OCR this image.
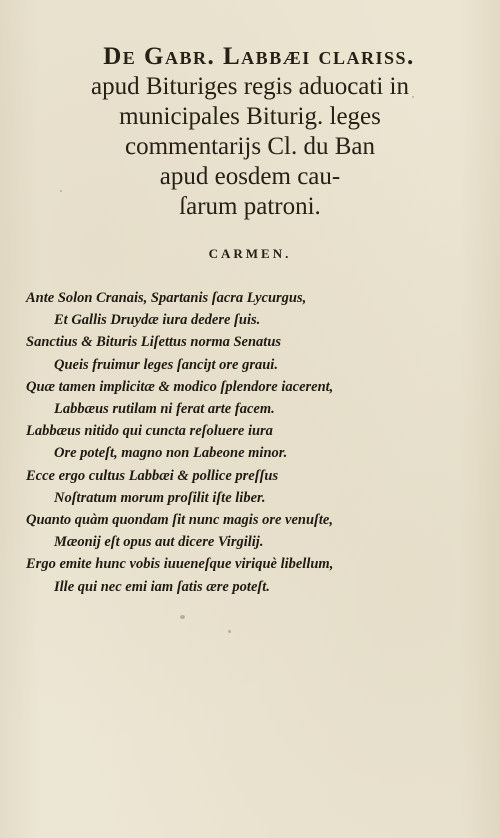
De Gabr. Labbæi clariss.
apud Bituriges regis aduocati in
municipales Biturig. leges
commentarijs Cl. du Ban
apud eosdem cau-
ſarum patroni.
CARMEN.
Ante Solon Cranais, Spartanis ſacra Lycurgus,
Et Gallis Druydæ iura dedere ſuis.
Sanctius & Bituris Liſettus norma Senatus
Queis fruimur leges ſanciȷt ore graui.
Quæ tamen implicitæ & modico ſplendore iacerent,
Labbæus rutilam ni ferat arte facem.
Labbæus nitido qui cuncta reſoluere iura
Ore poteſt, magno non Labeone minor.
Ecce ergo cultus Labbæi & pollice preſſus
Noſtratum morum proſilit iſte liber.
Quanto quàm quondam ſit nunc magis ore venuſte,
Mæonij eſt opus aut dicere Virgilij.
Ergo emite hunc vobis iuueneſque viriquè libellum,
Ille qui nec emi iam ſatis ære poteſt.
